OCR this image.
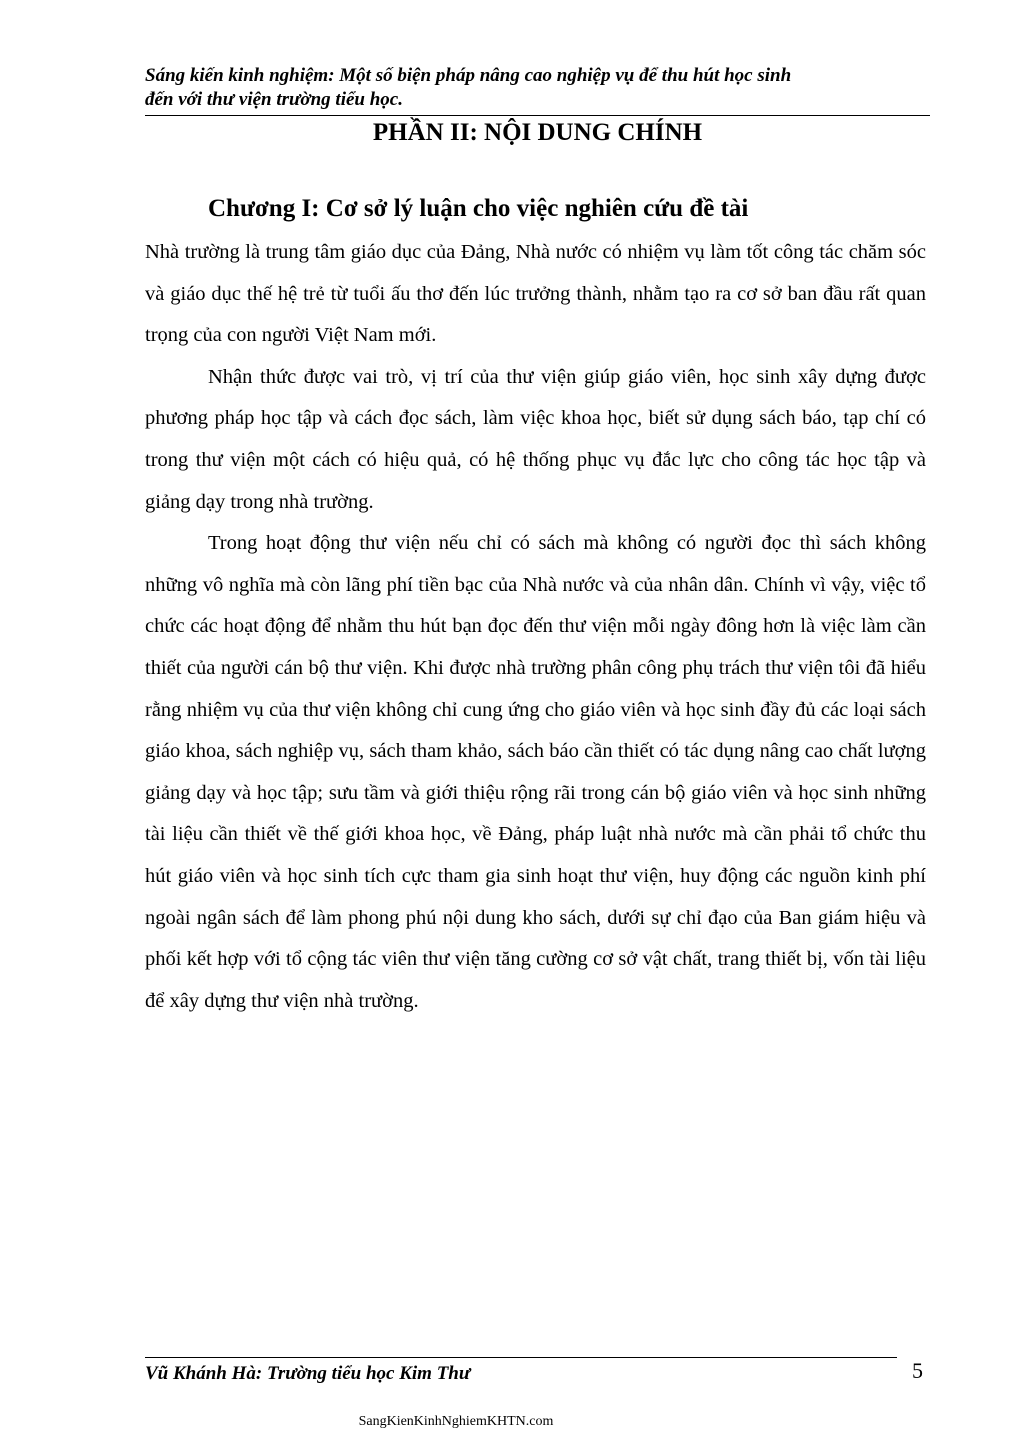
Sáng kiến kinh nghiệm: Một số biện pháp nâng cao nghiệp vụ để thu hút học sinh
đến với thư viện trường tiểu học.
PHẦN II: NỘI DUNG CHÍNH
Chương I: Cơ sở lý luận cho việc nghiên cứu đề tài

Nhà trường là trung tâm giáo dục của Đảng, Nhà nước có nhiệm vụ làm tốt công tác chăm sóc và giáo dục thế hệ trẻ từ tuổi ấu thơ đến lúc trưởng thành, nhằm tạo ra cơ sở ban đầu rất quan trọng của con người Việt Nam mới.

Nhận thức được vai trò, vị trí của thư viện giúp giáo viên, học sinh xây dựng được phương pháp học tập và cách đọc sách, làm việc khoa học, biết sử dụng sách báo, tạp chí có trong thư viện một cách có hiệu quả, có hệ thống phục vụ đắc lực cho công tác học tập và giảng dạy trong nhà trường.

Trong hoạt động thư viện nếu chỉ có sách mà không có người đọc thì sách không những vô nghĩa mà còn lãng phí tiền bạc của Nhà nước và của nhân dân. Chính vì vậy, việc tổ chức các hoạt động để nhằm thu hút bạn đọc đến thư viện mỗi ngày đông hơn là việc làm cần thiết của người cán bộ thư viện. Khi được nhà trường phân công phụ trách thư viện tôi đã hiểu rằng nhiệm vụ của thư viện không chỉ cung ứng cho giáo viên và học sinh đầy đủ các loại sách giáo khoa, sách nghiệp vụ, sách tham khảo, sách báo cần thiết có tác dụng nâng cao chất lượng giảng dạy và học tập; sưu tầm và giới thiệu rộng rãi trong cán bộ giáo viên và học sinh những tài liệu cần thiết về thế giới khoa học, về Đảng, pháp luật nhà nước mà cần phải tổ chức thu hút giáo viên và học sinh tích cực tham gia sinh hoạt thư viện, huy động các nguồn kinh phí ngoài ngân sách để làm phong phú nội dung kho sách, dưới sự chỉ đạo của Ban giám hiệu và phối kết hợp với tổ cộng tác viên thư viện tăng cường cơ sở vật chất, trang thiết bị, vốn tài liệu để xây dựng thư viện nhà trường.

Vũ Khánh Hà: Trường tiểu học Kim Thư	5
SangKienKinhNghiemKHTN.com
